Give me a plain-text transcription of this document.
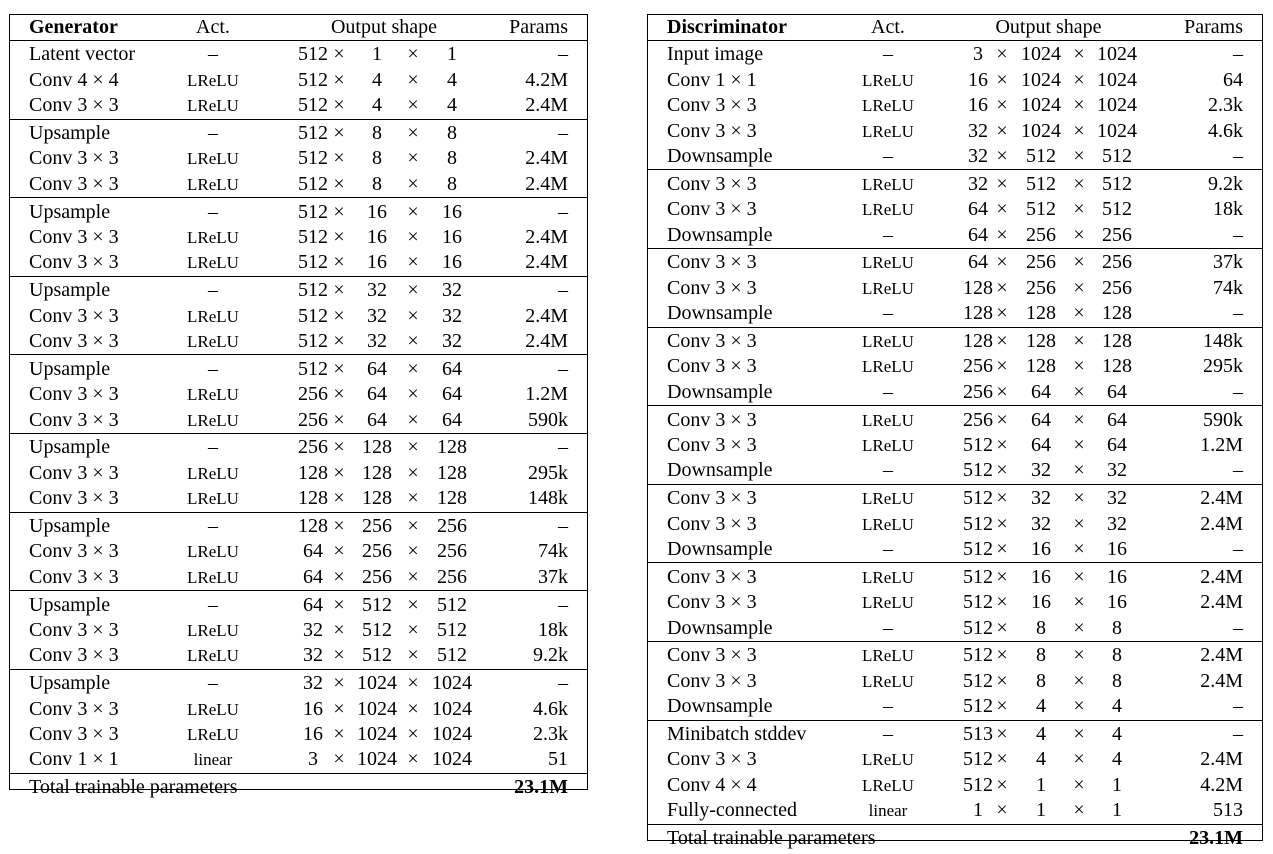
Generator	Act.	Output shape	Params
Latent vector	–	512 × 1 × 1	–
Conv 4 × 4	LReLU	512 × 4 × 4	4.2M
Conv 3 × 3	LReLU	512 × 4 × 4	2.4M
Upsample	–	512 × 8 × 8	–
Conv 3 × 3	LReLU	512 × 8 × 8	2.4M
Conv 3 × 3	LReLU	512 × 8 × 8	2.4M
Upsample	–	512 × 16 × 16	–
Conv 3 × 3	LReLU	512 × 16 × 16	2.4M
Conv 3 × 3	LReLU	512 × 16 × 16	2.4M
Upsample	–	512 × 32 × 32	–
Conv 3 × 3	LReLU	512 × 32 × 32	2.4M
Conv 3 × 3	LReLU	512 × 32 × 32	2.4M
Upsample	–	512 × 64 × 64	–
Conv 3 × 3	LReLU	256 × 64 × 64	1.2M
Conv 3 × 3	LReLU	256 × 64 × 64	590k
Upsample	–	256 × 128 × 128	–
Conv 3 × 3	LReLU	128 × 128 × 128	295k
Conv 3 × 3	LReLU	128 × 128 × 128	148k
Upsample	–	128 × 256 × 256	–
Conv 3 × 3	LReLU	64 × 256 × 256	74k
Conv 3 × 3	LReLU	64 × 256 × 256	37k
Upsample	–	64 × 512 × 512	–
Conv 3 × 3	LReLU	32 × 512 × 512	18k
Conv 3 × 3	LReLU	32 × 512 × 512	9.2k
Upsample	–	32 × 1024 × 1024	–
Conv 3 × 3	LReLU	16 × 1024 × 1024	4.6k
Conv 3 × 3	LReLU	16 × 1024 × 1024	2.3k
Conv 1 × 1	linear	3 × 1024 × 1024	51
Total trainable parameters	23.1M
Discriminator	Act.	Output shape	Params
Input image	–	3 × 1024 × 1024	–
Conv 1 × 1	LReLU	16 × 1024 × 1024	64
Conv 3 × 3	LReLU	16 × 1024 × 1024	2.3k
Conv 3 × 3	LReLU	32 × 1024 × 1024	4.6k
Downsample	–	32 × 512 × 512	–
Conv 3 × 3	LReLU	32 × 512 × 512	9.2k
Conv 3 × 3	LReLU	64 × 512 × 512	18k
Downsample	–	64 × 256 × 256	–
Conv 3 × 3	LReLU	64 × 256 × 256	37k
Conv 3 × 3	LReLU 128 × 256 × 256	74k
Downsample	–	128 × 128 × 128	–
Conv 3 × 3	LReLU 128 × 128 × 128	148k
Conv 3 × 3	LReLU 256 × 128 × 128	295k
Downsample	–	256 × 64 × 64	–
Conv 3 × 3	LReLU 256 × 64 × 64	590k
Conv 3 × 3	LReLU 512 × 64 × 64	1.2M
Downsample	–	512 × 32 × 32	–
Conv 3 × 3	LReLU 512 × 32 × 32	2.4M
Conv 3 × 3	LReLU 512 × 32 × 32	2.4M
Downsample	–	512 × 16 × 16	–
Conv 3 × 3	LReLU 512 × 16 × 16	2.4M
Conv 3 × 3	LReLU 512 × 16 × 16	2.4M
Downsample	–	512 × 8 × 8	–
Conv 3 × 3	LReLU 512 × 8 × 8	2.4M
Conv 3 × 3	LReLU 512 × 8 × 8	2.4M
Downsample	–	512 × 4 × 4	–
Minibatch stddev	–	513 × 4 × 4	–
Conv 3 × 3	LReLU 512 × 4 × 4	2.4M
Conv 4 × 4	LReLU 512 × 1 × 1	4.2M
Fully-connected	linear	1 × 1 × 1	513
Total trainable parameters	23.1M
